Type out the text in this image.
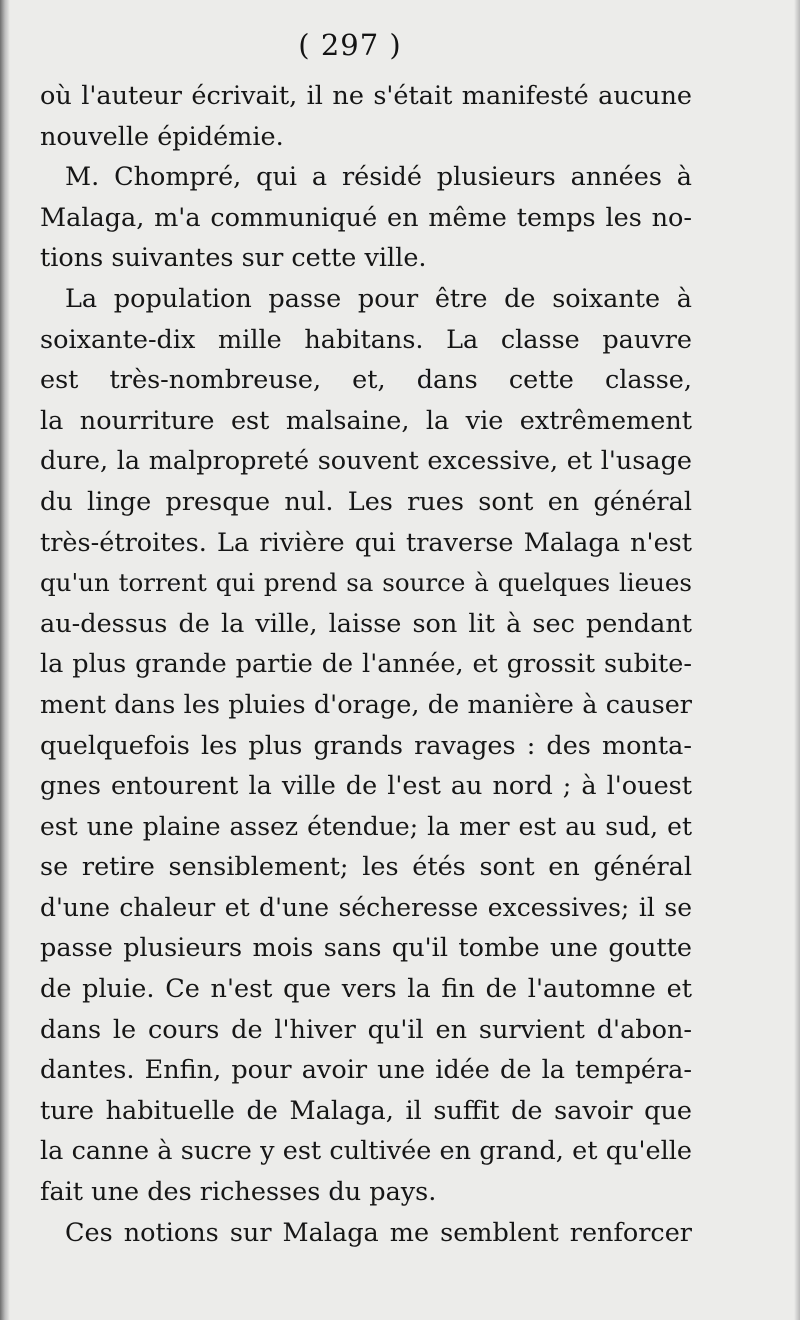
( 297 )
où l'auteur écrivait, il ne s'était manifesté aucune
nouvelle épidémie.
M. Chompré, qui a résidé plusieurs années à
Malaga, m'a communiqué en même temps les no-
tions suivantes sur cette ville.
La population passe pour être de soixante à
soixante-dix mille habitans. La classe pauvre
est très-nombreuse, et, dans cette classe,
la nourriture est malsaine, la vie extrêmement
dure, la malpropreté souvent excessive, et l'usage
du linge presque nul. Les rues sont en général
très-étroites. La rivière qui traverse Malaga n'est
qu'un torrent qui prend sa source à quelques lieues
au-dessus de la ville, laisse son lit à sec pendant
la plus grande partie de l'année, et grossit subite-
ment dans les pluies d'orage, de manière à causer
quelquefois les plus grands ravages : des monta-
gnes entourent la ville de l'est au nord ; à l'ouest
est une plaine assez étendue; la mer est au sud, et
se retire sensiblement; les étés sont en général
d'une chaleur et d'une sécheresse excessives; il se
passe plusieurs mois sans qu'il tombe une goutte
de pluie. Ce n'est que vers la fin de l'automne et
dans le cours de l'hiver qu'il en survient d'abon-
dantes. Enfin, pour avoir une idée de la tempéra-
ture habituelle de Malaga, il suffit de savoir que
la canne à sucre y est cultivée en grand, et qu'elle
fait une des richesses du pays.
Ces notions sur Malaga me semblent renforcer
